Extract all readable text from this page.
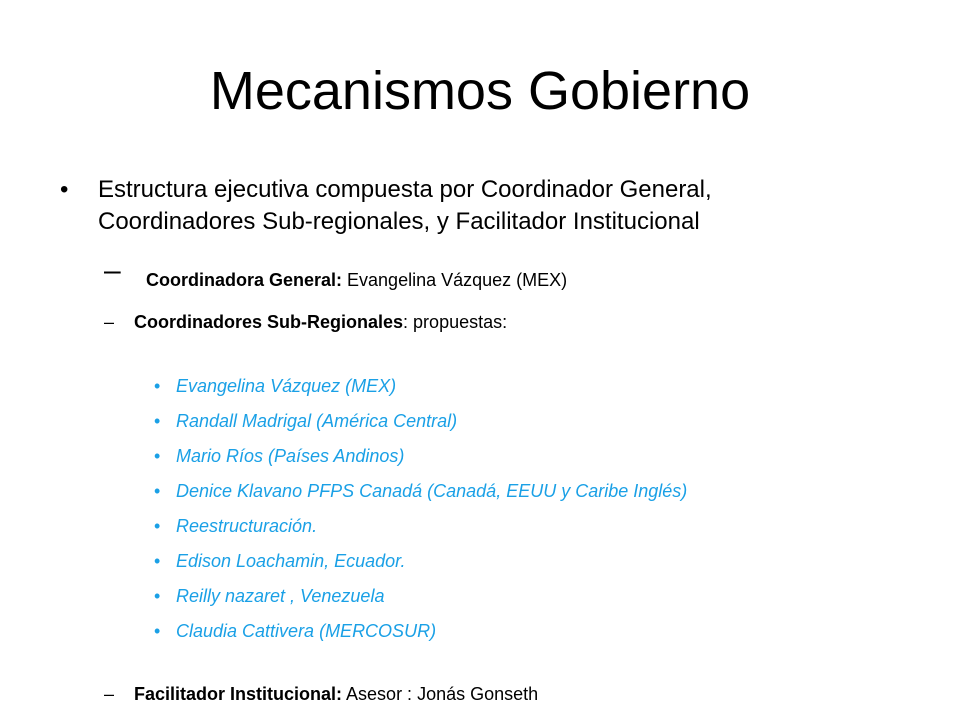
Mecanismos Gobierno
• Estructura ejecutiva compuesta por Coordinador General,
Coordinadores Sub-regionales, y Facilitador Institucional
– Coordinadora General: Evangelina Vázquez (MEX)
– Coordinadores Sub-Regionales: propuestas:
• Evangelina Vázquez (MEX)
• Randall Madrigal (América Central)
• Mario Ríos (Países Andinos)
• Denice Klavano PFPS Canadá (Canadá, EEUU y Caribe Inglés)
• Reestructuración.
• Edison Loachamin, Ecuador.
• Reilly nazaret , Venezuela
• Claudia Cattivera (MERCOSUR)
– Facilitador Institucional: Asesor : Jonás Gonseth
